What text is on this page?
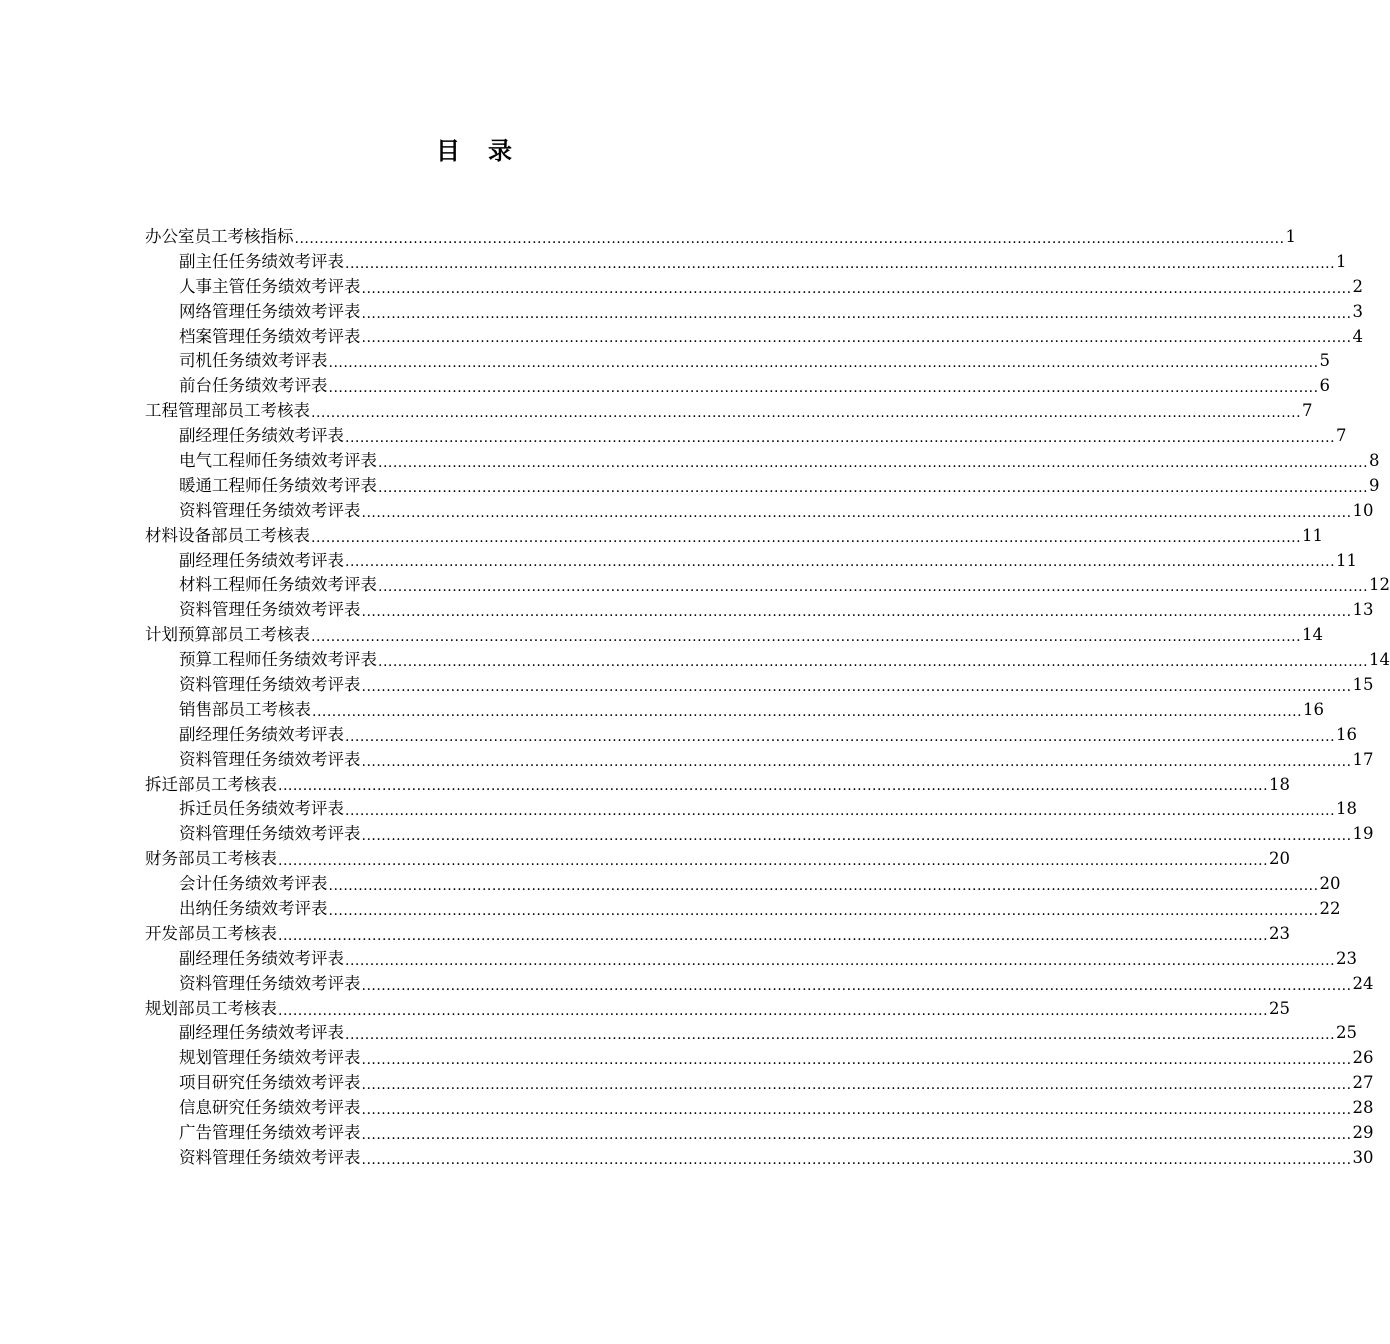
目　录
办公室员工考核指标 ........................................................................................................................................................................................................ 1
副主任任务绩效考评表 ........................................................................................................................................................................................................ 1
人事主管任务绩效考评表 ........................................................................................................................................................................................................ 2
网络管理任务绩效考评表 ........................................................................................................................................................................................................ 3
档案管理任务绩效考评表 ........................................................................................................................................................................................................ 4
司机任务绩效考评表 ........................................................................................................................................................................................................ 5
前台任务绩效考评表 ........................................................................................................................................................................................................ 6
工程管理部员工考核表 ........................................................................................................................................................................................................ 7
副经理任务绩效考评表 ........................................................................................................................................................................................................ 7
电气工程师任务绩效考评表 ........................................................................................................................................................................................................ 8
暖通工程师任务绩效考评表 ........................................................................................................................................................................................................ 9
资料管理任务绩效考评表 ........................................................................................................................................................................................................ 10
材料设备部员工考核表 ........................................................................................................................................................................................................ 11
副经理任务绩效考评表 ........................................................................................................................................................................................................ 11
材料工程师任务绩效考评表 ........................................................................................................................................................................................................ 12
资料管理任务绩效考评表 ........................................................................................................................................................................................................ 13
计划预算部员工考核表 ........................................................................................................................................................................................................ 14
预算工程师任务绩效考评表 ........................................................................................................................................................................................................ 14
资料管理任务绩效考评表 ........................................................................................................................................................................................................ 15
销售部员工考核表 ........................................................................................................................................................................................................ 16
副经理任务绩效考评表 ........................................................................................................................................................................................................ 16
资料管理任务绩效考评表 ........................................................................................................................................................................................................ 17
拆迁部员工考核表 ........................................................................................................................................................................................................ 18
拆迁员任务绩效考评表 ........................................................................................................................................................................................................ 18
资料管理任务绩效考评表 ........................................................................................................................................................................................................ 19
财务部员工考核表 ........................................................................................................................................................................................................ 20
会计任务绩效考评表 ........................................................................................................................................................................................................ 20
出纳任务绩效考评表 ........................................................................................................................................................................................................ 22
开发部员工考核表 ........................................................................................................................................................................................................ 23
副经理任务绩效考评表 ........................................................................................................................................................................................................ 23
资料管理任务绩效考评表 ........................................................................................................................................................................................................ 24
规划部员工考核表 ........................................................................................................................................................................................................ 25
副经理任务绩效考评表 ........................................................................................................................................................................................................ 25
规划管理任务绩效考评表 ........................................................................................................................................................................................................ 26
项目研究任务绩效考评表 ........................................................................................................................................................................................................ 27
信息研究任务绩效考评表 ........................................................................................................................................................................................................ 28
广告管理任务绩效考评表 ........................................................................................................................................................................................................ 29
资料管理任务绩效考评表 ........................................................................................................................................................................................................ 30
